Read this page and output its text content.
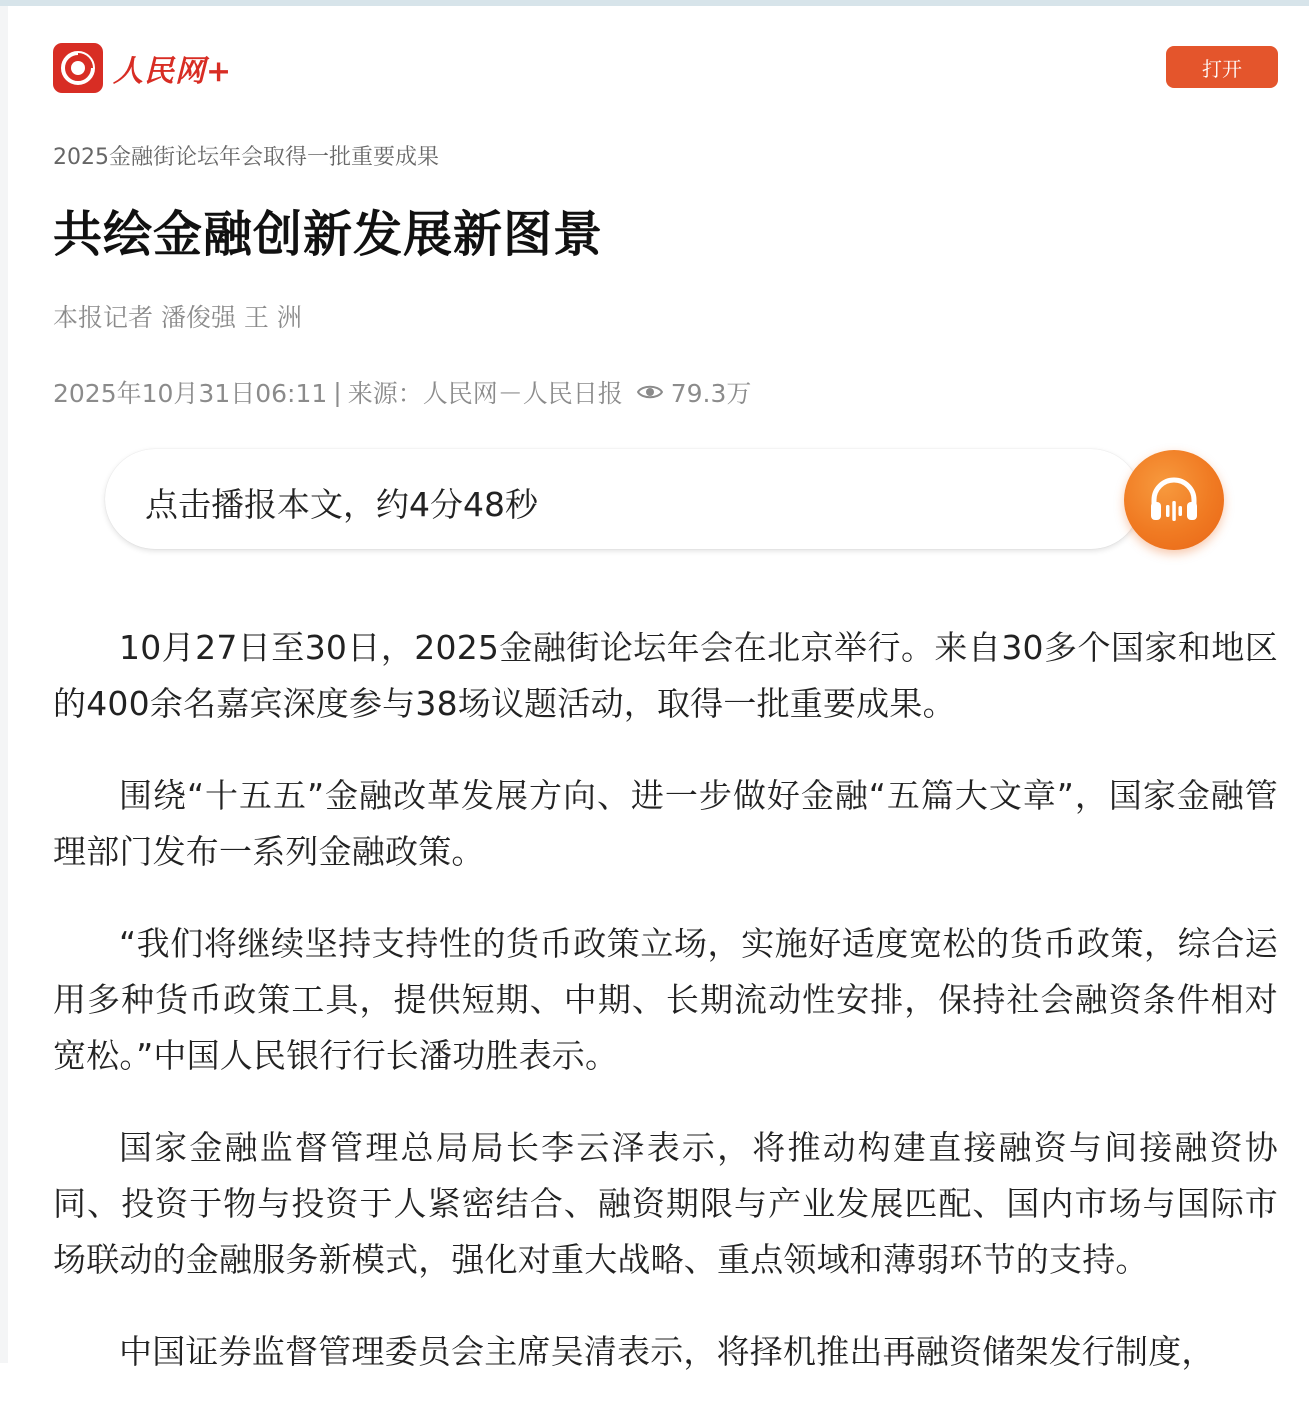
人民网+	打开
2025金融街论坛年会取得一批重要成果
共绘金融创新发展新图景
本报记者 潘俊强 王 洲
2025年10月31日06:11 | 来源：人民网－人民日报 79.3万
点击播报本文，约4分48秒

10月27日至30日，2025金融街论坛年会在北京举行。来自30多个国家和地区的400余名嘉宾深度参与38场议题活动，取得一批重要成果。

围绕“十五五”金融改革发展方向、进一步做好金融“五篇大文章”，国家金融管理部门发布一系列金融政策。

“我们将继续坚持支持性的货币政策立场，实施好适度宽松的货币政策，综合运用多种货币政策工具，提供短期、中期、长期流动性安排，保持社会融资条件相对宽松。”中国人民银行行长潘功胜表示。

国家金融监督管理总局局长李云泽表示，将推动构建直接融资与间接融资协同、投资于物与投资于人紧密结合、融资期限与产业发展匹配、国内市场与国际市场联动的金融服务新模式，强化对重大战略、重点领域和薄弱环节的支持。

中国证券监督管理委员会主席吴清表示，将择机推出再融资储架发行制度，
